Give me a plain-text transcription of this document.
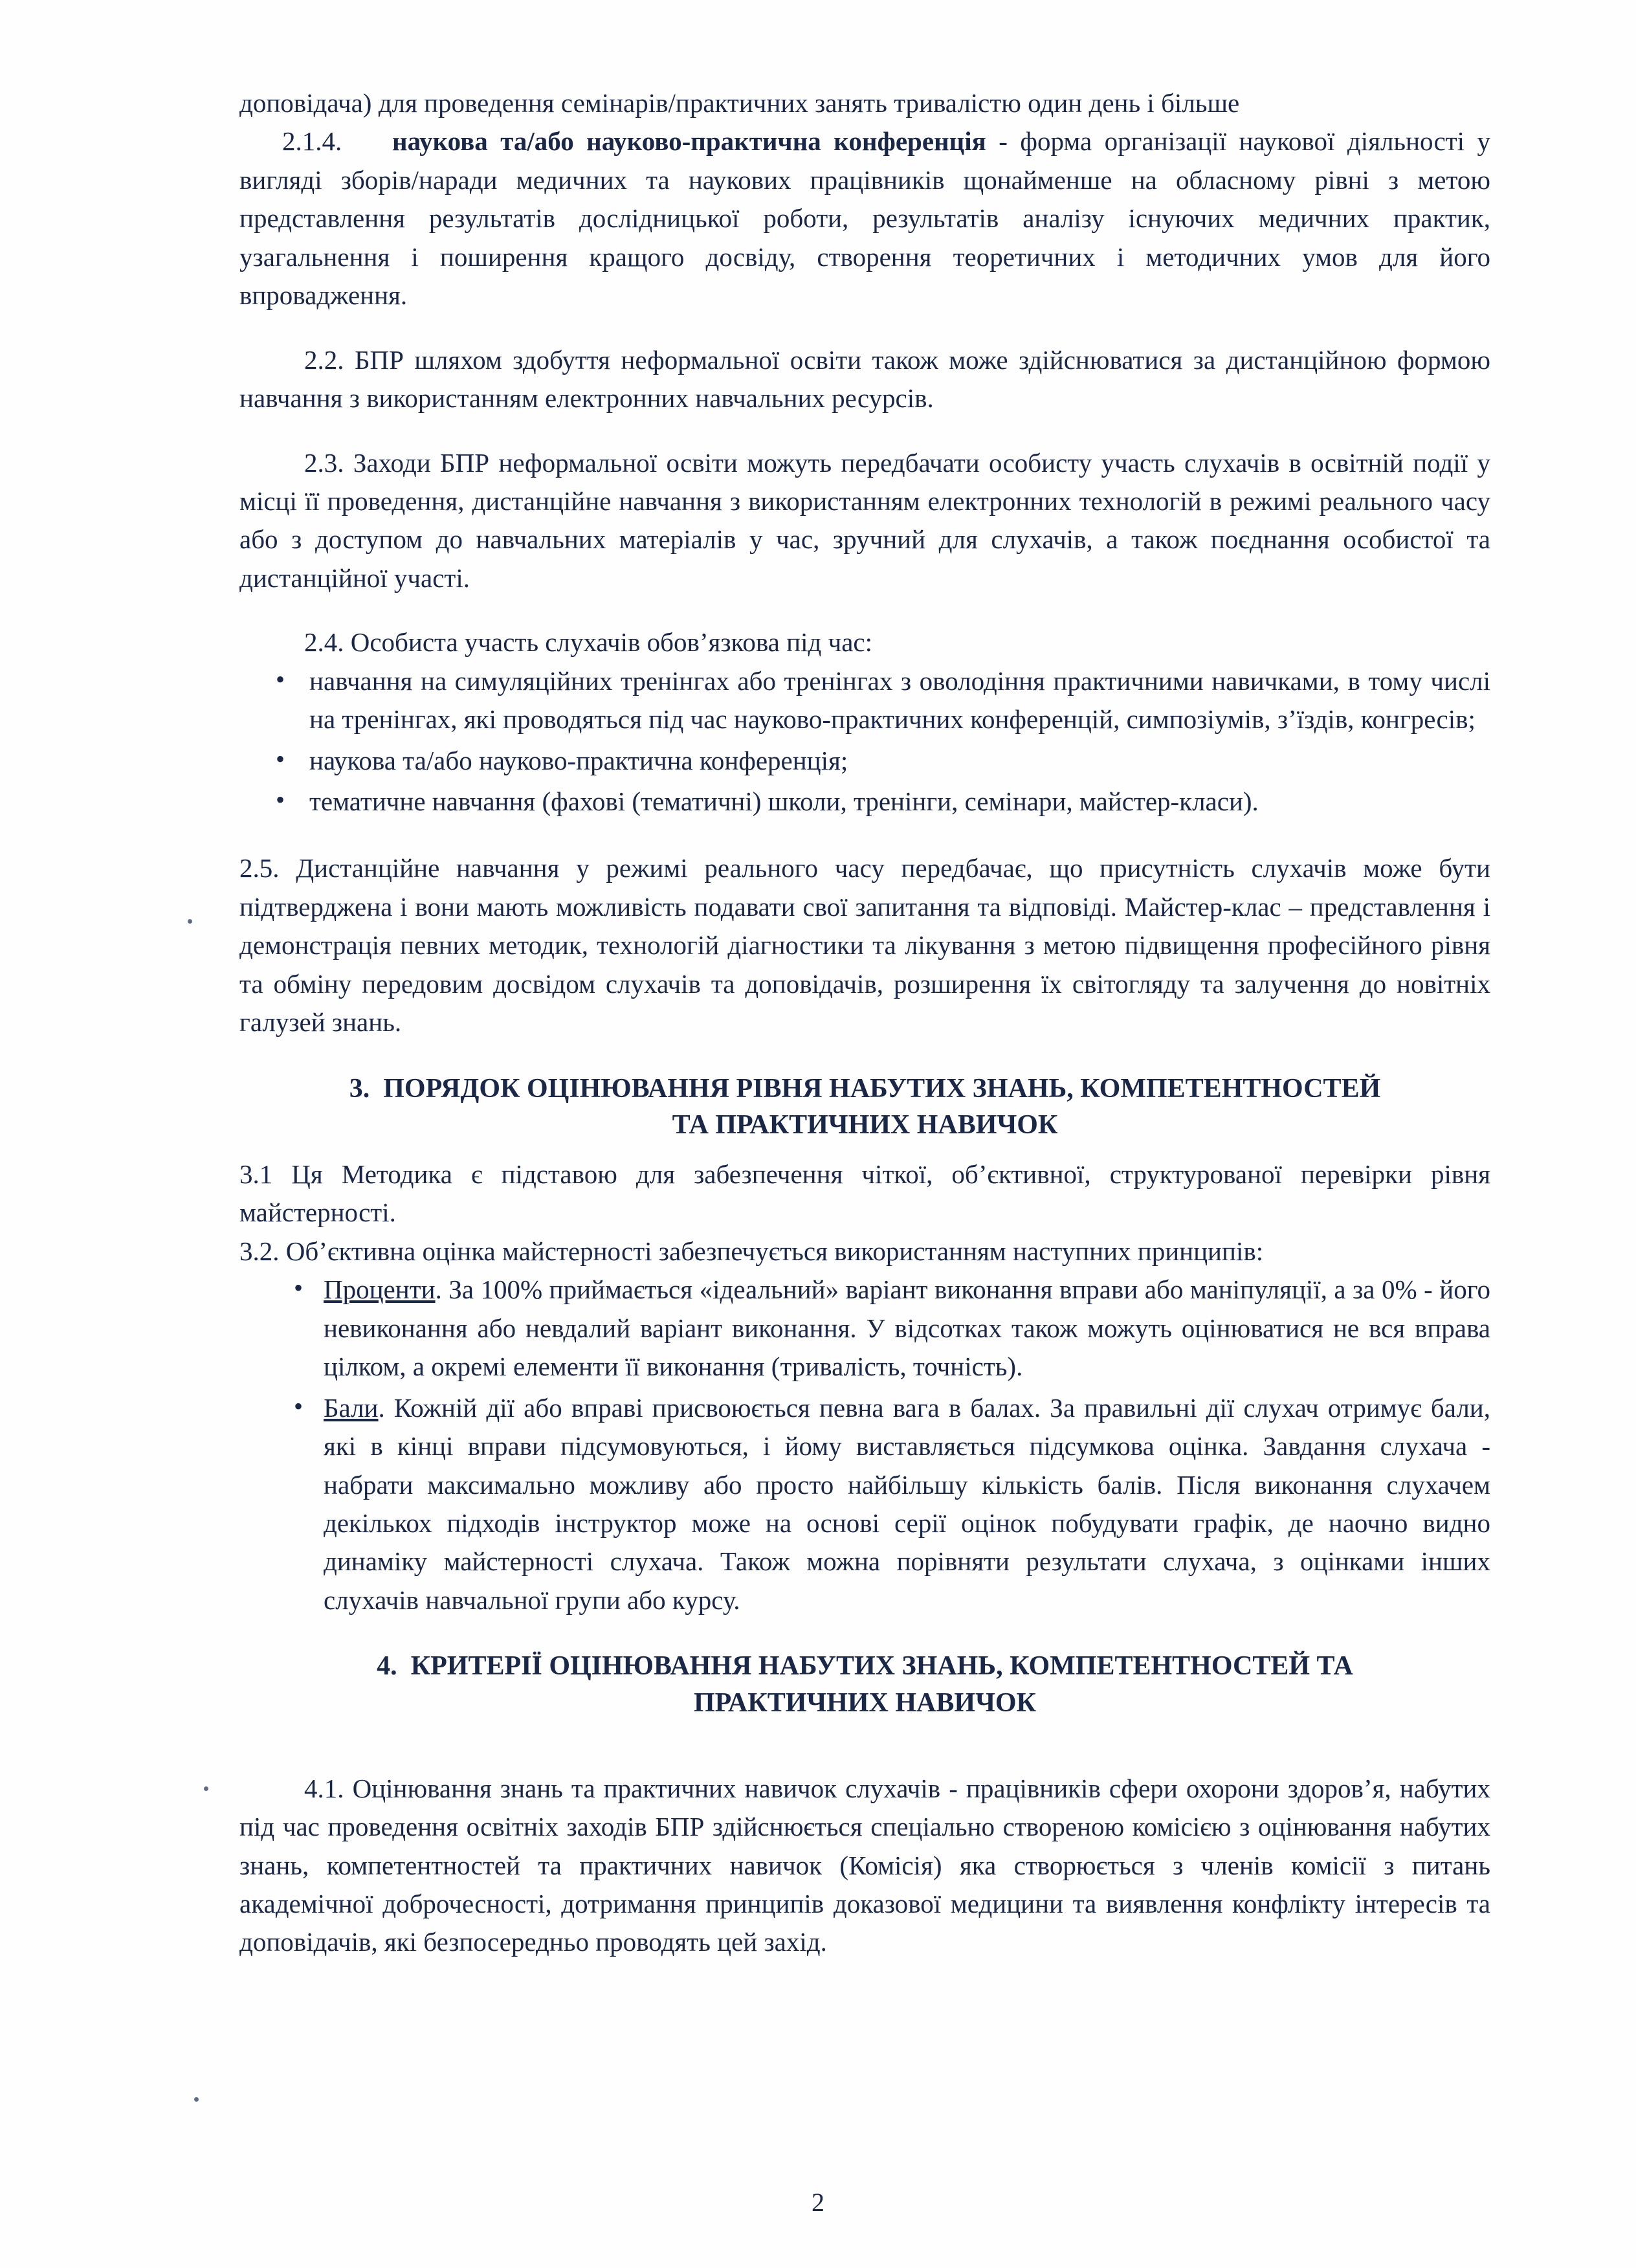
доповідача) для проведення семінарів/практичних занять тривалістю один день і більше

2.1.4. наукова та/або науково-практична конференція - форма організації наукової діяльності у вигляді зборів/наради медичних та наукових працівників щонайменше на обласному рівні з метою представлення результатів дослідницької роботи, результатів аналізу існуючих медичних практик, узагальнення і поширення кращого досвіду, створення теоретичних і методичних умов для його впровадження.

2.2. БПР шляхом здобуття неформальної освіти також може здійснюватися за дистанційною формою навчання з використанням електронних навчальних ресурсів.

2.3. Заходи БПР неформальної освіти можуть передбачати особисту участь слухачів в освітній події у місці її проведення, дистанційне навчання з використанням електронних технологій в режимі реального часу або з доступом до навчальних матеріалів у час, зручний для слухачів, а також поєднання особистої та дистанційної участі.

2.4. Особиста участь слухачів обов’язкова під час:

• навчання на симуляційних тренінгах або тренінгах з оволодіння практичними навичками, в тому числі на тренінгах, які проводяться під час науково-практичних конференцій, симпозіумів, з’їздів, конгресів;
• наукова та/або науково-практична конференція;
• тематичне навчання (фахові (тематичні) школи, тренінги, семінари, майстер-класи).

2.5. Дистанційне навчання у режимі реального часу передбачає, що присутність слухачів може бути підтверджена і вони мають можливість подавати свої запитання та відповіді. Майстер-клас – представлення і демонстрація певних методик, технологій діагностики та лікування з метою підвищення професійного рівня та обміну передовим досвідом слухачів та доповідачів, розширення їх світогляду та залучення до новітніх галузей знань.

3. ПОРЯДОК ОЦІНЮВАННЯ РІВНЯ НАБУТИХ ЗНАНЬ, КОМПЕТЕНТНОСТЕЙ

ТА ПРАКТИЧНИХ НАВИЧОК

3.1 Ця Методика є підставою для забезпечення чіткої, об’єктивної, структурованої перевірки рівня майстерності.

3.2. Об’єктивна оцінка майстерності забезпечується використанням наступних принципів:

• Проценти. За 100% приймається «ідеальний» варіант виконання вправи або маніпуляції, а за 0% - його невиконання або невдалий варіант виконання. У відсотках також можуть оцінюватися не вся вправа цілком, а окремі елементи її виконання (тривалість, точність).
• Бали. Кожній дії або вправі присвоюється певна вага в балах. За правильні дії слухач отримує бали, які в кінці вправи підсумовуються, і йому виставляється підсумкова оцінка. Завдання слухача - набрати максимально можливу або просто найбільшу кількість балів. Після виконання слухачем декількох підходів інструктор може на основі серії оцінок побудувати графік, де наочно видно динаміку майстерності слухача. Також можна порівняти результати слухача, з оцінками інших слухачів навчальної групи або курсу.

4. КРИТЕРІЇ ОЦІНЮВАННЯ НАБУТИХ ЗНАНЬ, КОМПЕТЕНТНОСТЕЙ ТА

ПРАКТИЧНИХ НАВИЧОК

4.1. Оцінювання знань та практичних навичок слухачів - працівників сфери охорони здоров’я, набутих під час проведення освітніх заходів БПР здійснюється спеціально створеною комісією з оцінювання набутих знань, компетентностей та практичних навичок (Комісія) яка створюється з членів комісії з питань академічної доброчесності, дотримання принципів доказової медицини та виявлення конфлікту інтересів та доповідачів, які безпосередньо проводять цей захід.

2
